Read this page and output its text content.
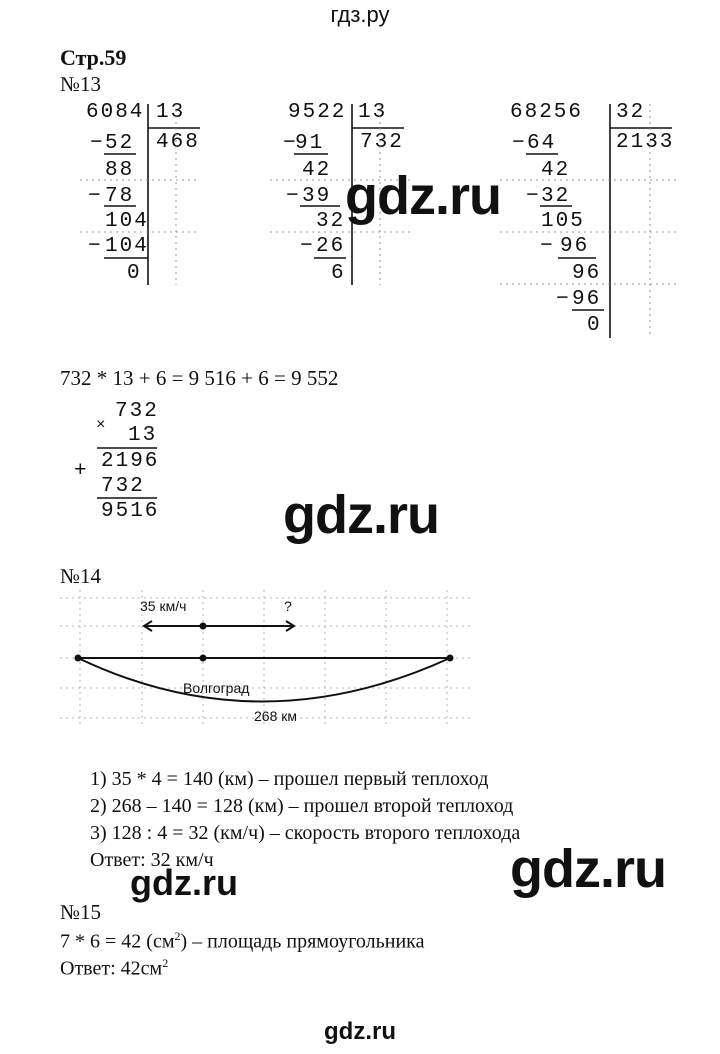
гдз.ру
Стр.59
№13
6084 13
468
− 52
88
− 78
104
− 104
0
9522 13
732
− 91
42
− 39
32
− 26
6
68256 32
2133
− 64
42
− 32
105
− 96
96
− 96
0
732 * 13 + 6 = 9 516 + 6 = 9 552
×
732
13
2196
+
732
9516
№14
35 км/ч	?
Волгоград
268 км
1) 35 * 4 = 140 (км) – прошел первый теплоход
2) 268 – 140 = 128 (км) – прошел второй теплоход
3) 128 : 4 = 32 (км/ч) – скорость второго теплохода
Ответ: 32 км/ч
№15
7 * 6 = 42 $(см^2)$ – площадь прямоугольника
Ответ: $42см^2$
gdz.ru
gdz.ru
gdz.ru
gdz.ru
gdz.ru
